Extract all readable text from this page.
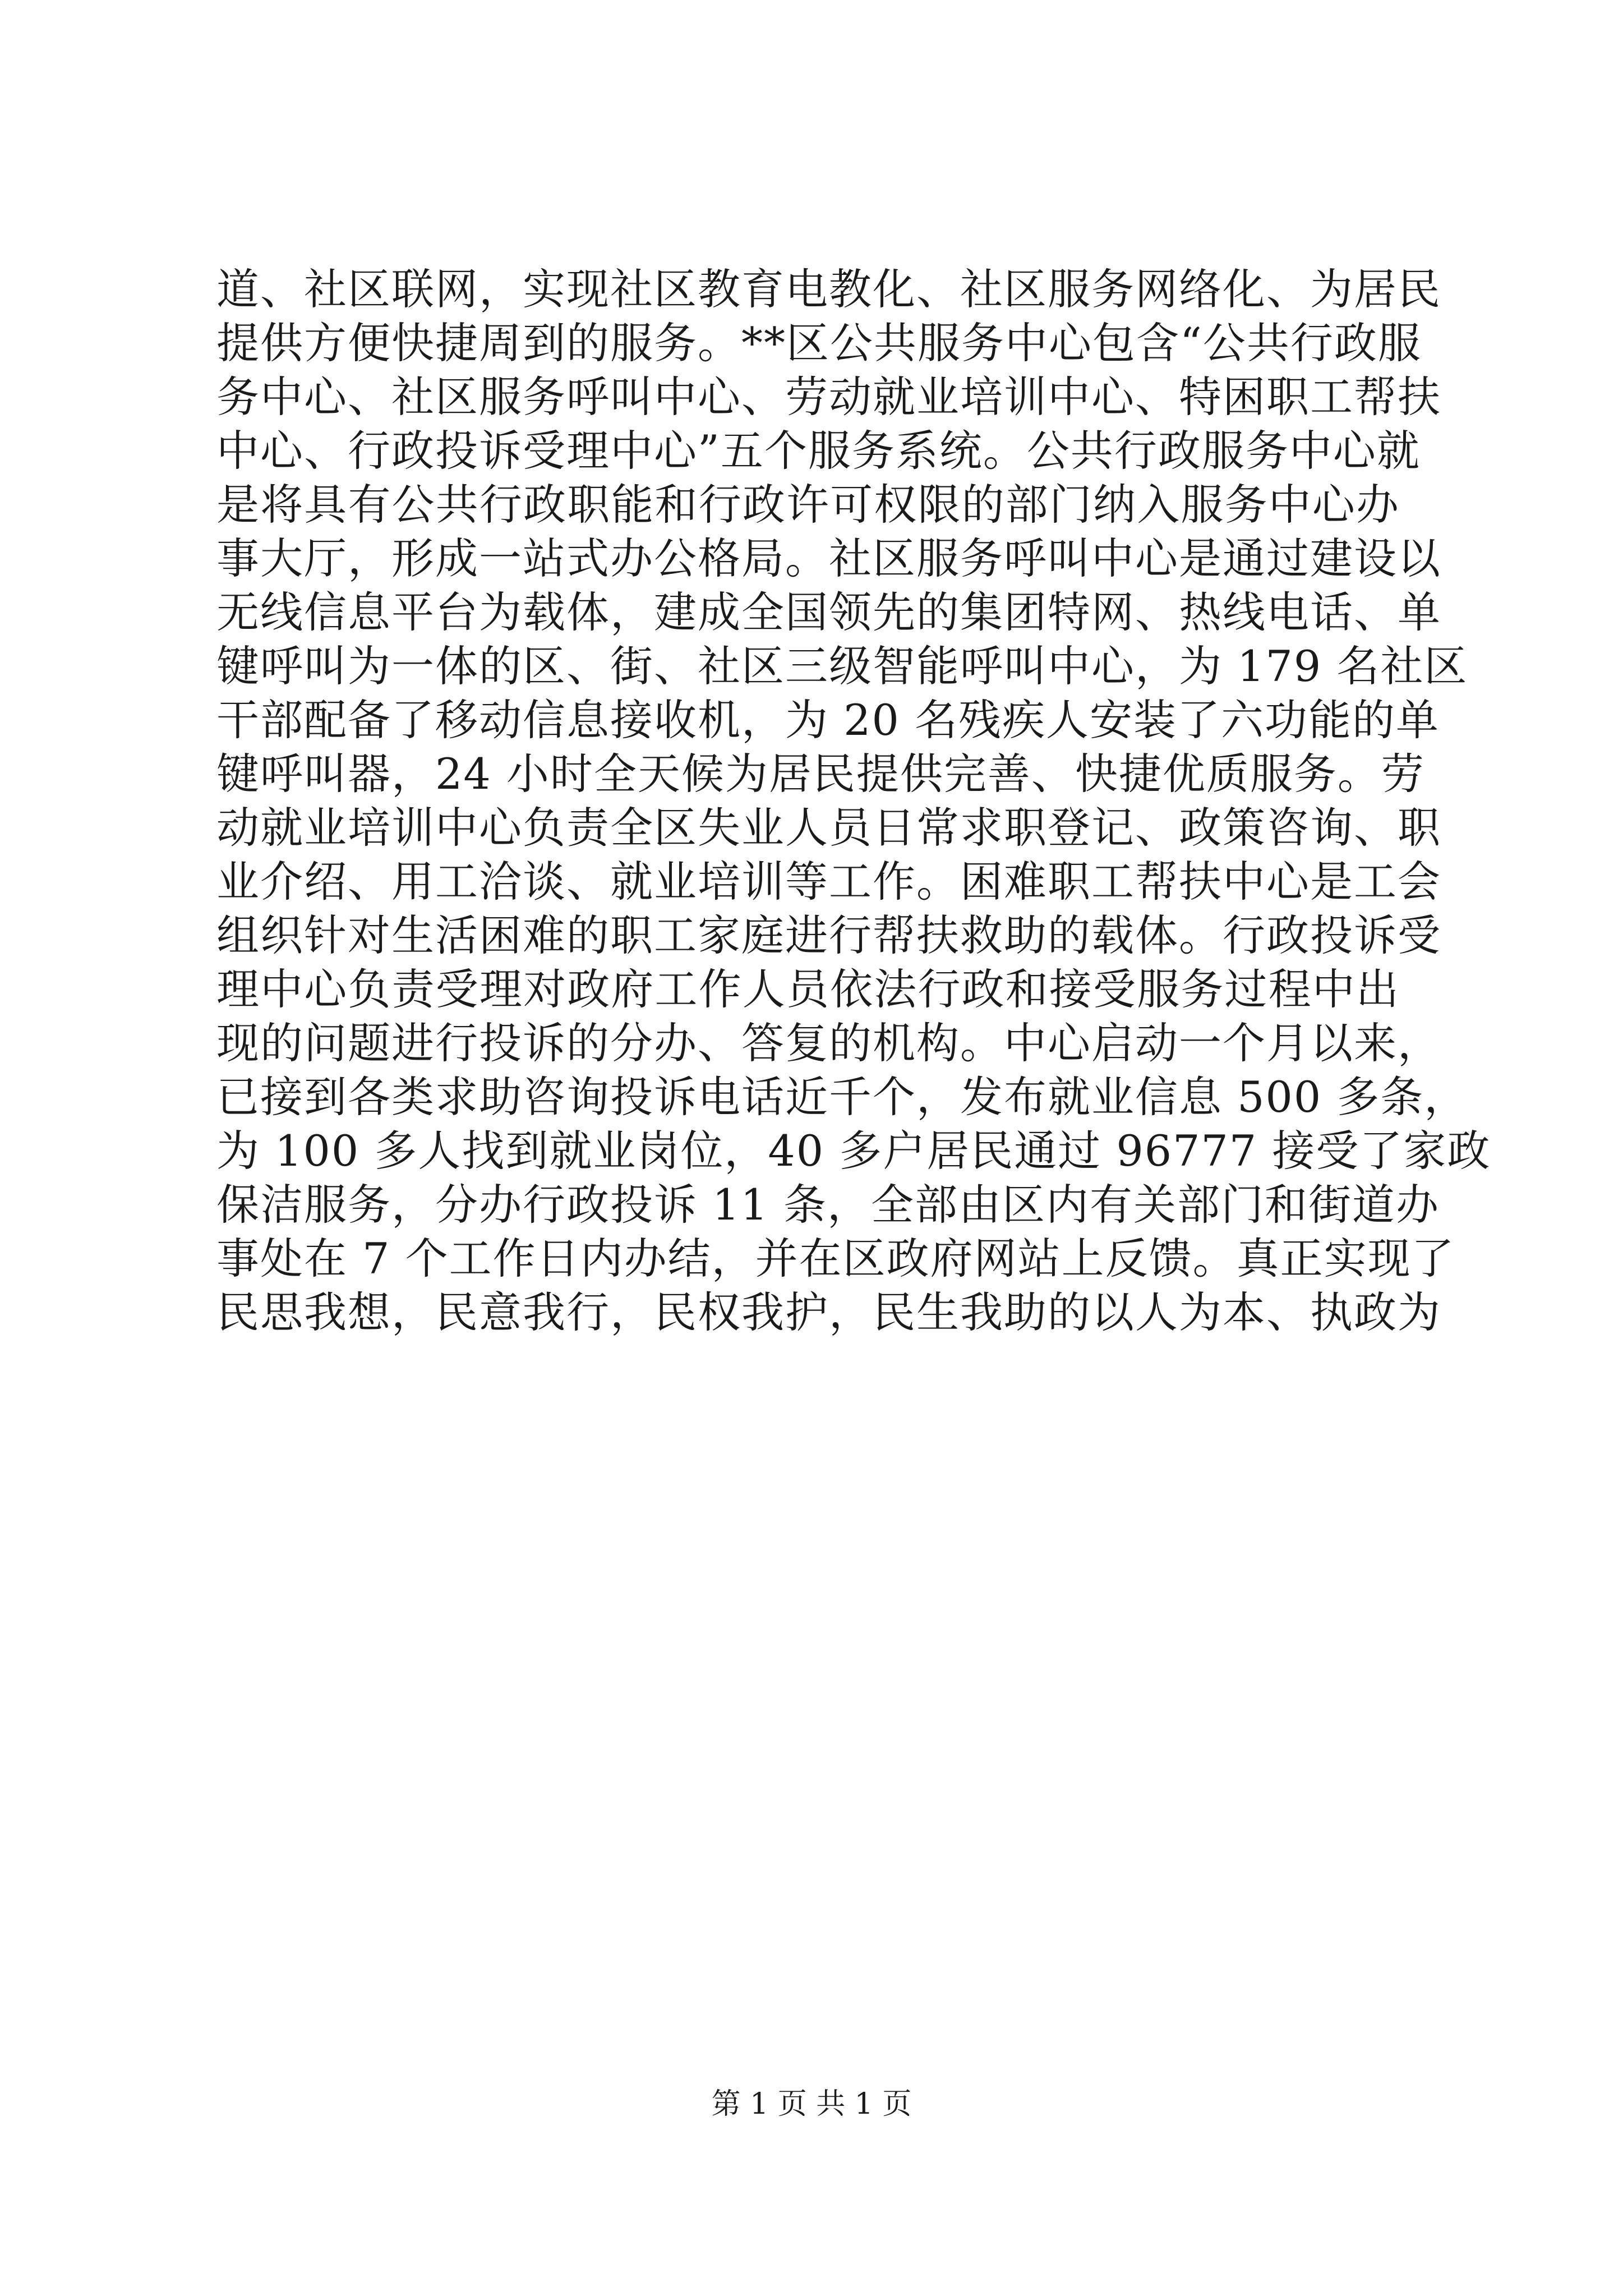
道、社区联网，实现社区教育电教化、社区服务网络化、为居民
提供方便快捷周到的服务。**区公共服务中心包含“公共行政服
务中心、社区服务呼叫中心、劳动就业培训中心、特困职工帮扶
中心、行政投诉受理中心”五个服务系统。公共行政服务中心就
是将具有公共行政职能和行政许可权限的部门纳入服务中心办
事大厅，形成一站式办公格局。社区服务呼叫中心是通过建设以
无线信息平台为载体，建成全国领先的集团特网、热线电话、单
键呼叫为一体的区、街、社区三级智能呼叫中心，为 179 名社区
干部配备了移动信息接收机，为 20 名残疾人安装了六功能的单
键呼叫器，24 小时全天候为居民提供完善、快捷优质服务。劳
动就业培训中心负责全区失业人员日常求职登记、政策咨询、职
业介绍、用工洽谈、就业培训等工作。困难职工帮扶中心是工会
组织针对生活困难的职工家庭进行帮扶救助的载体。行政投诉受
理中心负责受理对政府工作人员依法行政和接受服务过程中出
现的问题进行投诉的分办、答复的机构。中心启动一个月以来，
已接到各类求助咨询投诉电话近千个，发布就业信息 500 多条，
为 100 多人找到就业岗位，40 多户居民通过 96777 接受了家政
保洁服务，分办行政投诉 11 条，全部由区内有关部门和街道办
事处在 7 个工作日内办结，并在区政府网站上反馈。真正实现了
民思我想，民意我行，民权我护，民生我助的以人为本、执政为
第 1 页 共 1 页
